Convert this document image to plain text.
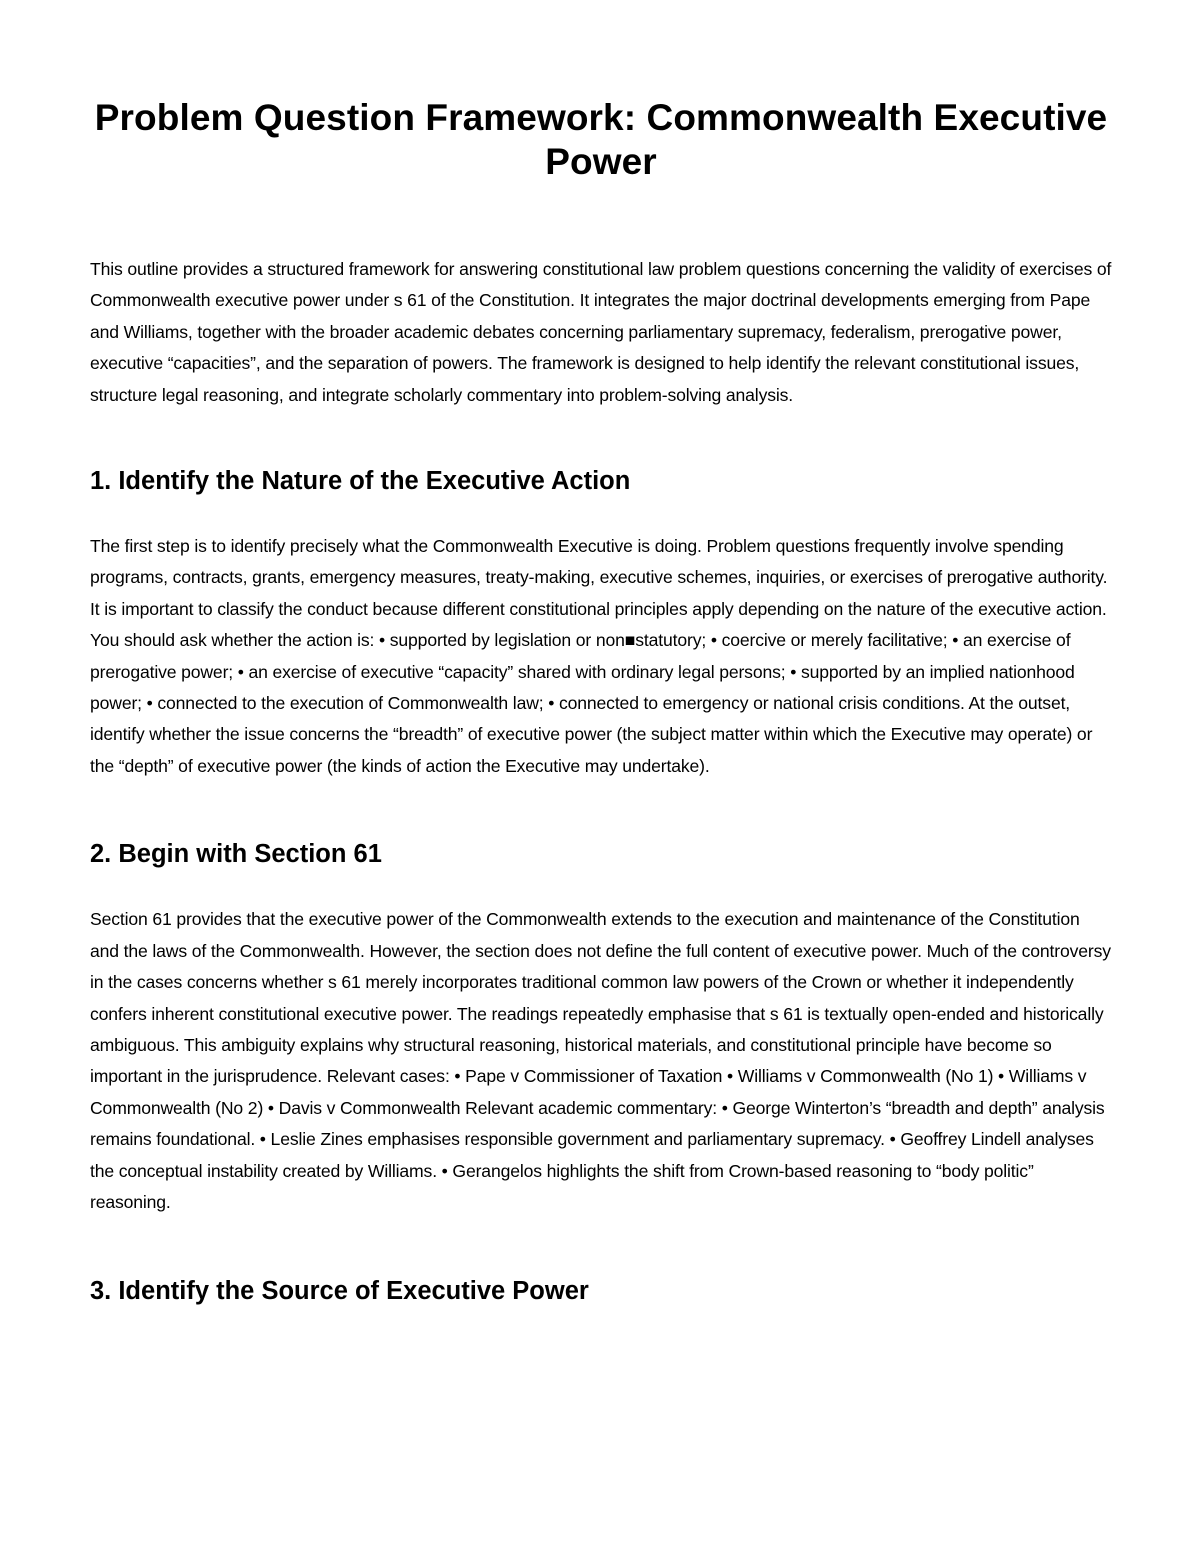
Problem Question Framework: Commonwealth Executive Power

This outline provides a structured framework for answering constitutional law problem questions concerning the validity of exercises of Commonwealth executive power under s 61 of the Constitution. It integrates the major doctrinal developments emerging from Pape and Williams, together with the broader academic debates concerning parliamentary supremacy, federalism, prerogative power, executive “capacities”, and the separation of powers. The framework is designed to help identify the relevant constitutional issues, structure legal reasoning, and integrate scholarly commentary into problem-solving analysis.

1. Identify the Nature of the Executive Action

The first step is to identify precisely what the Commonwealth Executive is doing. Problem questions frequently involve spending programs, contracts, grants, emergency measures, treaty-making, executive schemes, inquiries, or exercises of prerogative authority. It is important to classify the conduct because different constitutional principles apply depending on the nature of the executive action. You should ask whether the action is: • supported by legislation or non■statutory; • coercive or merely facilitative; • an exercise of prerogative power; • an exercise of executive “capacity” shared with ordinary legal persons; • supported by an implied nationhood power; • connected to the execution of Commonwealth law; • connected to emergency or national crisis conditions. At the outset, identify whether the issue concerns the “breadth” of executive power (the subject matter within which the Executive may operate) or the “depth” of executive power (the kinds of action the Executive may undertake).

2. Begin with Section 61

Section 61 provides that the executive power of the Commonwealth extends to the execution and maintenance of the Constitution and the laws of the Commonwealth. However, the section does not define the full content of executive power. Much of the controversy in the cases concerns whether s 61 merely incorporates traditional common law powers of the Crown or whether it independently confers inherent constitutional executive power. The readings repeatedly emphasise that s 61 is textually open-ended and historically ambiguous. This ambiguity explains why structural reasoning, historical materials, and constitutional principle have become so important in the jurisprudence. Relevant cases: • Pape v Commissioner of Taxation • Williams v Commonwealth (No 1) • Williams v Commonwealth (No 2) • Davis v Commonwealth Relevant academic commentary: • George Winterton’s “breadth and depth” analysis remains foundational. • Leslie Zines emphasises responsible government and parliamentary supremacy. • Geoffrey Lindell analyses the conceptual instability created by Williams. • Gerangelos highlights the shift from Crown-based reasoning to “body politic” reasoning.

3. Identify the Source of Executive Power
